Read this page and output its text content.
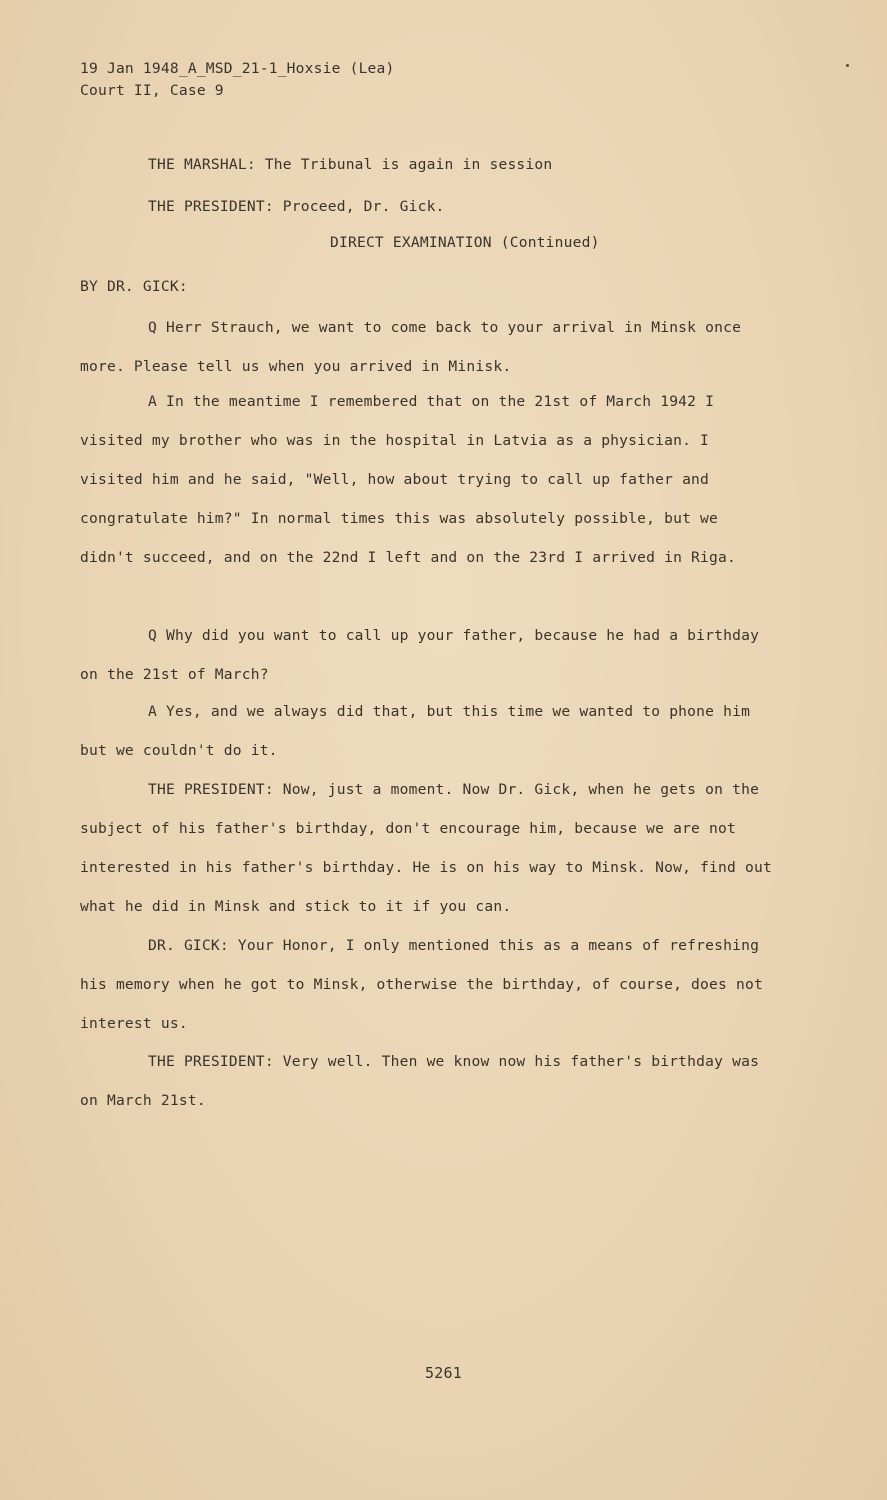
19 Jan 1948_A_MSD_21-1_Hoxsie (Lea)
Court II, Case 9
THE MARSHAL: The Tribunal is again in session
THE PRESIDENT: Proceed, Dr. Gick.
DIRECT EXAMINATION (Continued)
BY DR. GICK:
Q Herr Strauch, we want to come back to your arrival in Minsk once more. Please tell us when you arrived in Minisk.
A In the meantime I remembered that on the 21st of March 1942 I visited my brother who was in the hospital in Latvia as a physician. I visited him and he said, "Well, how about trying to call up father and congratulate him?" In normal times this was absolutely possible, but we didn't succeed, and on the 22nd I left and on the 23rd I arrived in Riga.
Q Why did you want to call up your father, because he had a birthday on the 21st of March?
A Yes, and we always did that, but this time we wanted to phone him but we couldn't do it.
THE PRESIDENT: Now, just a moment. Now Dr. Gick, when he gets on the subject of his father's birthday, don't encourage him, because we are not interested in his father's birthday. He is on his way to Minsk. Now, find out what he did in Minsk and stick to it if you can.
DR. GICK: Your Honor, I only mentioned this as a means of refreshing his memory when he got to Minsk, otherwise the birthday, of course, does not interest us.
THE PRESIDENT: Very well. Then we know now his father's birthday was on March 21st.
5261
